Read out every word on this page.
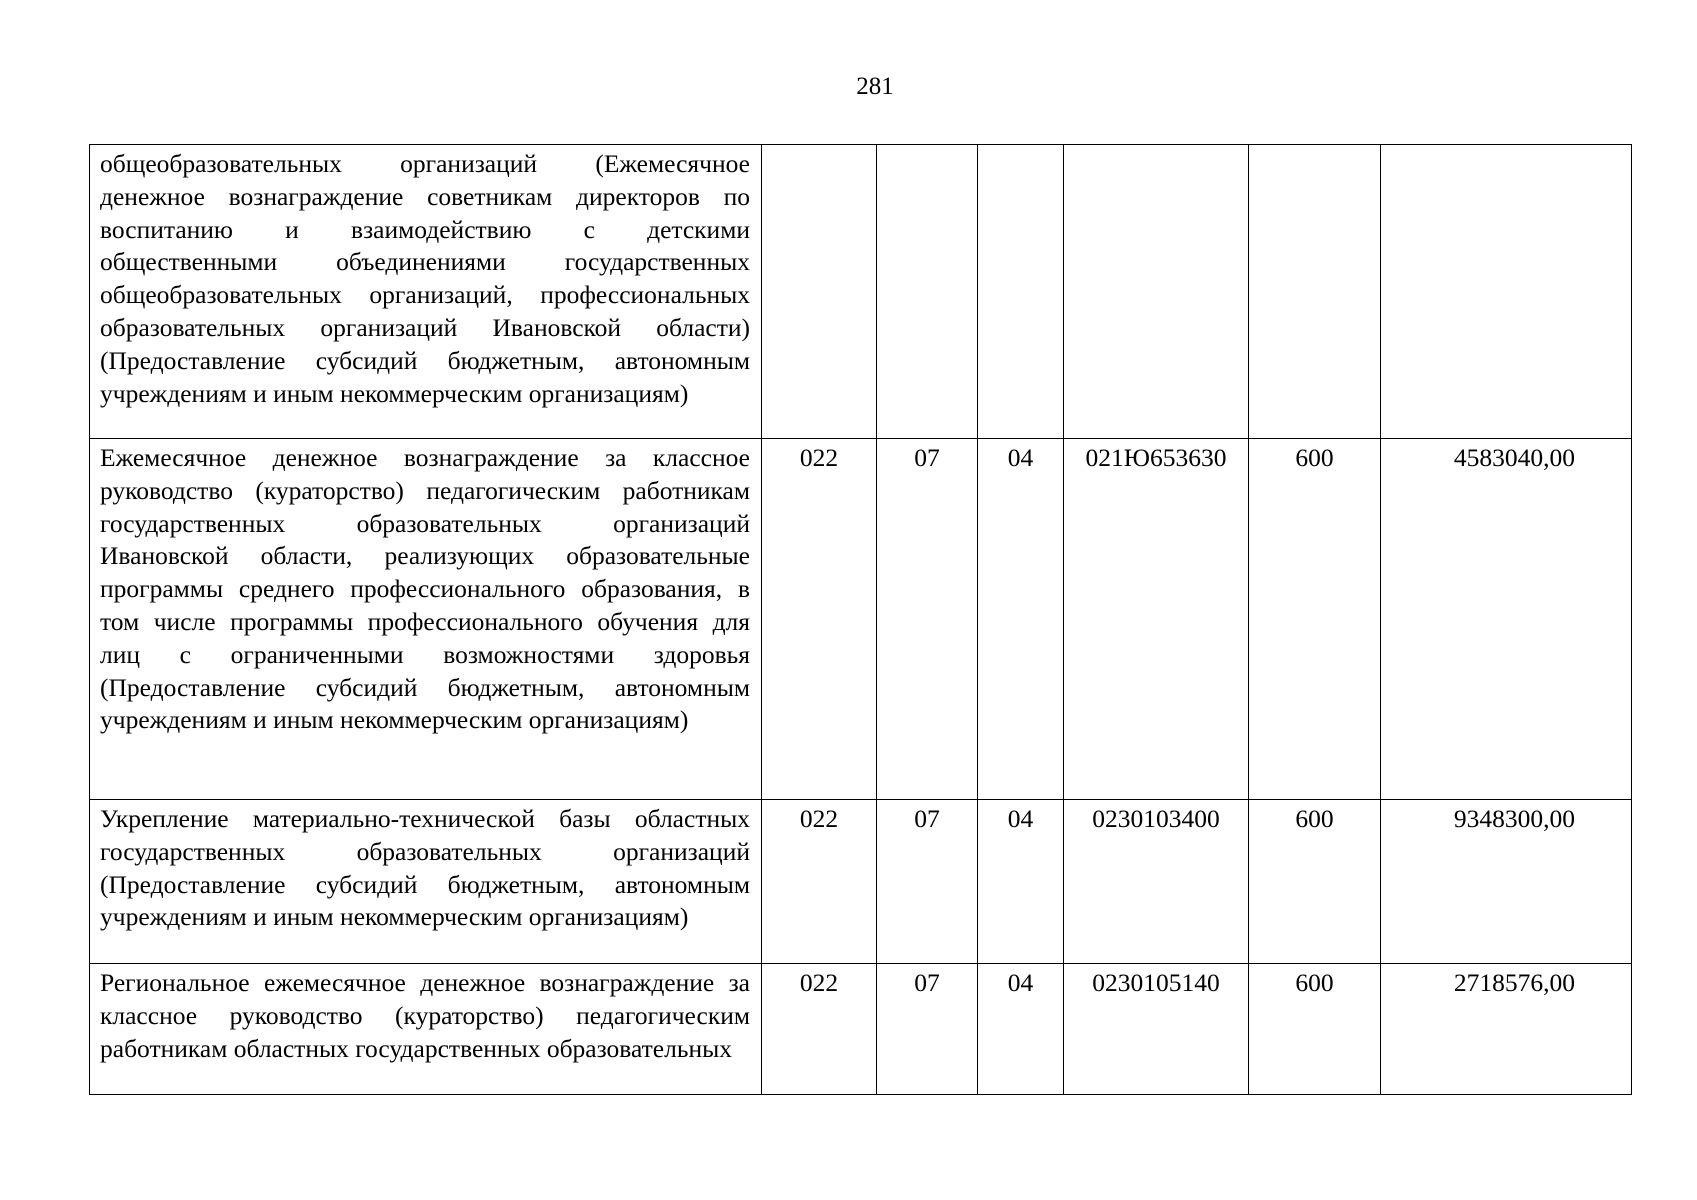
281
общеобразовательных организаций (Ежемесячное денежное вознаграждение советникам директоров по воспитанию и взаимодействию с детскими общественными объединениями государственных общеобразовательных организаций, профессиональных образовательных организаций Ивановской области) (Предоставление субсидий бюджетным, автономным учреждениям и иным некоммерческим организациям)						
Ежемесячное денежное вознаграждение за классное руководство (кураторство) педагогическим работникам государственных образовательных организаций Ивановской области, реализующих образовательные программы среднего профессионального образования, в том числе программы профессионального обучения для лиц с ограниченными возможностями здоровья (Предоставление субсидий бюджетным, автономным учреждениям и иным некоммерческим организациям)	022	07	04	021Ю653630	600	4583040,00
Укрепление материально-технической базы областных государственных образовательных организаций (Предоставление субсидий бюджетным, автономным учреждениям и иным некоммерческим организациям)	022	07	04	0230103400	600	9348300,00
Региональное ежемесячное денежное вознаграждение за классное руководство (кураторство) педагогическим работникам областных государственных образовательных	022	07	04	0230105140	600	2718576,00
